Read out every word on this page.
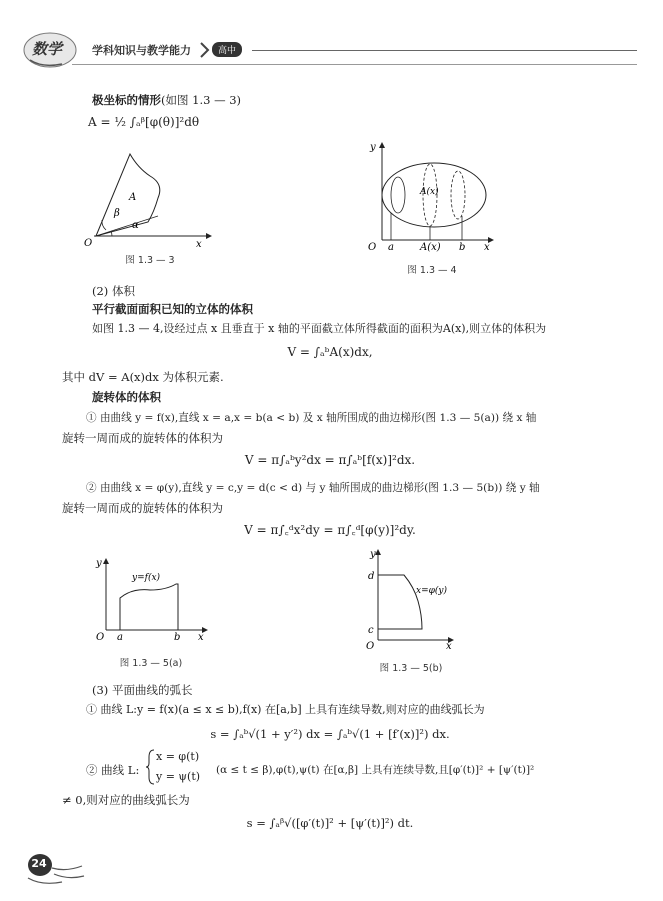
数学	学科知识与教学能力	高中
极坐标的情形(如图 1.3 — 3)
A = ½ ∫ₐᵝ[φ(θ)]²dθ
A
β
α
O	x
图 1.3 — 3
y
O a	A(x)
A(x)
b x
图 1.3 — 4
(2) 体积
平行截面面积已知的立体的体积
如图 1.3 — 4,设经过点 x 且垂直于 x 轴的平面截立体所得截面的面积为A(x),则立体的体积为
V = ∫ₐᵇA(x)dx,
其中 dV = A(x)dx 为体积元素.
旋转体的体积
① 由曲线 y = f(x),直线 x = a,x = b(a < b) 及 x 轴所围成的曲边梯形(图 1.3 — 5(a)) 绕 x 轴
旋转一周而成的旋转体的体积为
V = π∫ₐᵇy²dx = π∫ₐᵇ[f(x)]²dx.
② 由曲线 x = φ(y),直线 y = c,y = d(c < d) 与 y 轴所围成的曲边梯形(图 1.3 — 5(b)) 绕 y 轴
旋转一周而成的旋转体的体积为
V = π∫꜀ᵈx²dy = π∫꜀ᵈ[φ(y)]²dy.
y
y=f(x)
O a	b x
图 1.3 — 5(a)
y
d
x=φ(y)
c
O	x
图 1.3 — 5(b)
(3) 平面曲线的弧长
① 曲线 L:y = f(x)(a ≤ x ≤ b),f(x) 在[a,b] 上具有连续导数,则对应的曲线弧长为
s = ∫ₐᵇ√(1 + y′²) dx = ∫ₐᵇ√(1 + [f′(x)]²) dx.
② 曲线 L:
x = φ(t)
y = ψ(t) (α ≤ t ≤ β),φ(t),ψ(t) 在[α,β] 上具有连续导数,且[φ′(t)]² + [ψ′(t)]²
≠ 0,则对应的曲线弧长为
s = ∫ₐᵝ√([φ′(t)]² + [ψ′(t)]²) dt.
24
